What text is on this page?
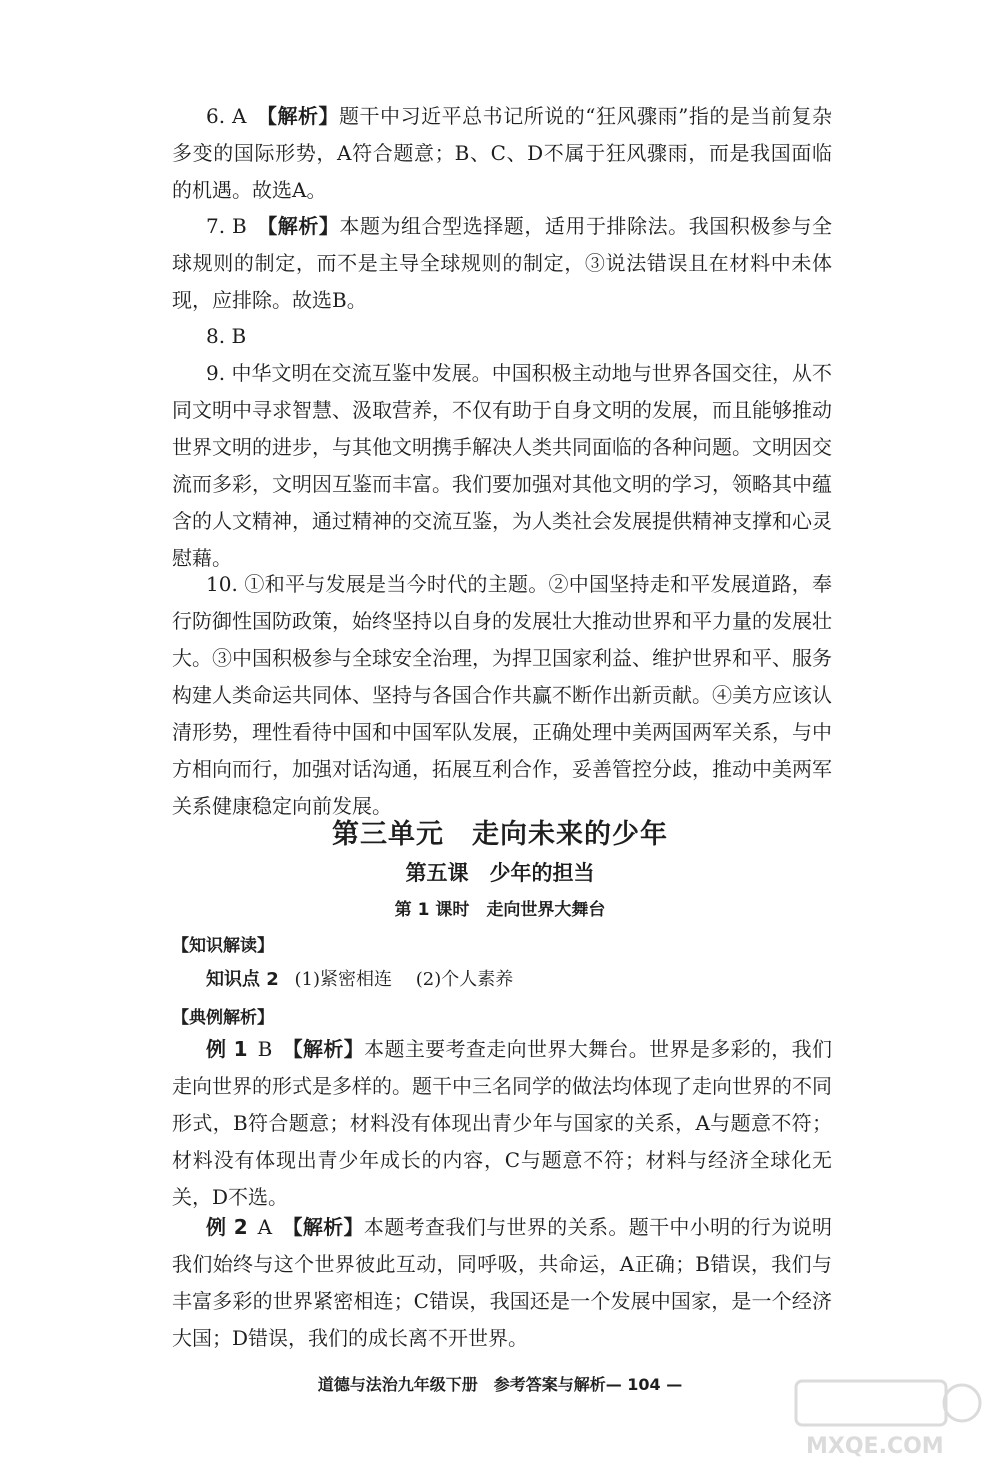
6. A 【解析】题干中习近平总书记所说的“狂风骤雨”指的是当前复杂多变的国际形势，A符合题意；B、C、D不属于狂风骤雨，而是我国面临的机遇。故选A。
7. B 【解析】本题为组合型选择题，适用于排除法。我国积极参与全球规则的制定，而不是主导全球规则的制定，③说法错误且在材料中未体现，应排除。故选B。
8. B
9. 中华文明在交流互鉴中发展。中国积极主动地与世界各国交往，从不同文明中寻求智慧、汲取营养，不仅有助于自身文明的发展，而且能够推动世界文明的进步，与其他文明携手解决人类共同面临的各种问题。文明因交流而多彩，文明因互鉴而丰富。我们要加强对其他文明的学习，领略其中蕴含的人文精神，通过精神的交流互鉴，为人类社会发展提供精神支撑和心灵慰藉。
10. ①和平与发展是当今时代的主题。②中国坚持走和平发展道路，奉行防御性国防政策，始终坚持以自身的发展壮大推动世界和平力量的发展壮大。③中国积极参与全球安全治理，为捍卫国家利益、维护世界和平、服务构建人类命运共同体、坚持与各国合作共赢不断作出新贡献。④美方应该认清形势，理性看待中国和中国军队发展，正确处理中美两国两军关系，与中方相向而行，加强对话沟通，拓展互利合作，妥善管控分歧，推动中美两军关系健康稳定向前发展。
第三单元　走向未来的少年
第五课　少年的担当
第 1 课时　走向世界大舞台
【知识解读】
知识点 2 (1)紧密相连 (2)个人素养
【典例解析】
例 1 B 【解析】本题主要考查走向世界大舞台。世界是多彩的，我们走向世界的形式是多样的。题干中三名同学的做法均体现了走向世界的不同形式，B符合题意；材料没有体现出青少年与国家的关系，A与题意不符；材料没有体现出青少年成长的内容，C与题意不符；材料与经济全球化无关，D不选。
例 2 A 【解析】本题考查我们与世界的关系。题干中小明的行为说明我们始终与这个世界彼此互动，同呼吸，共命运，A正确；B错误，我们与丰富多彩的世界紧密相连；C错误，我国还是一个发展中国家，是一个经济大国；D错误，我们的成长离不开世界。
道德与法治九年级下册　参考答案与解析— 104 —
MXQE.COM
